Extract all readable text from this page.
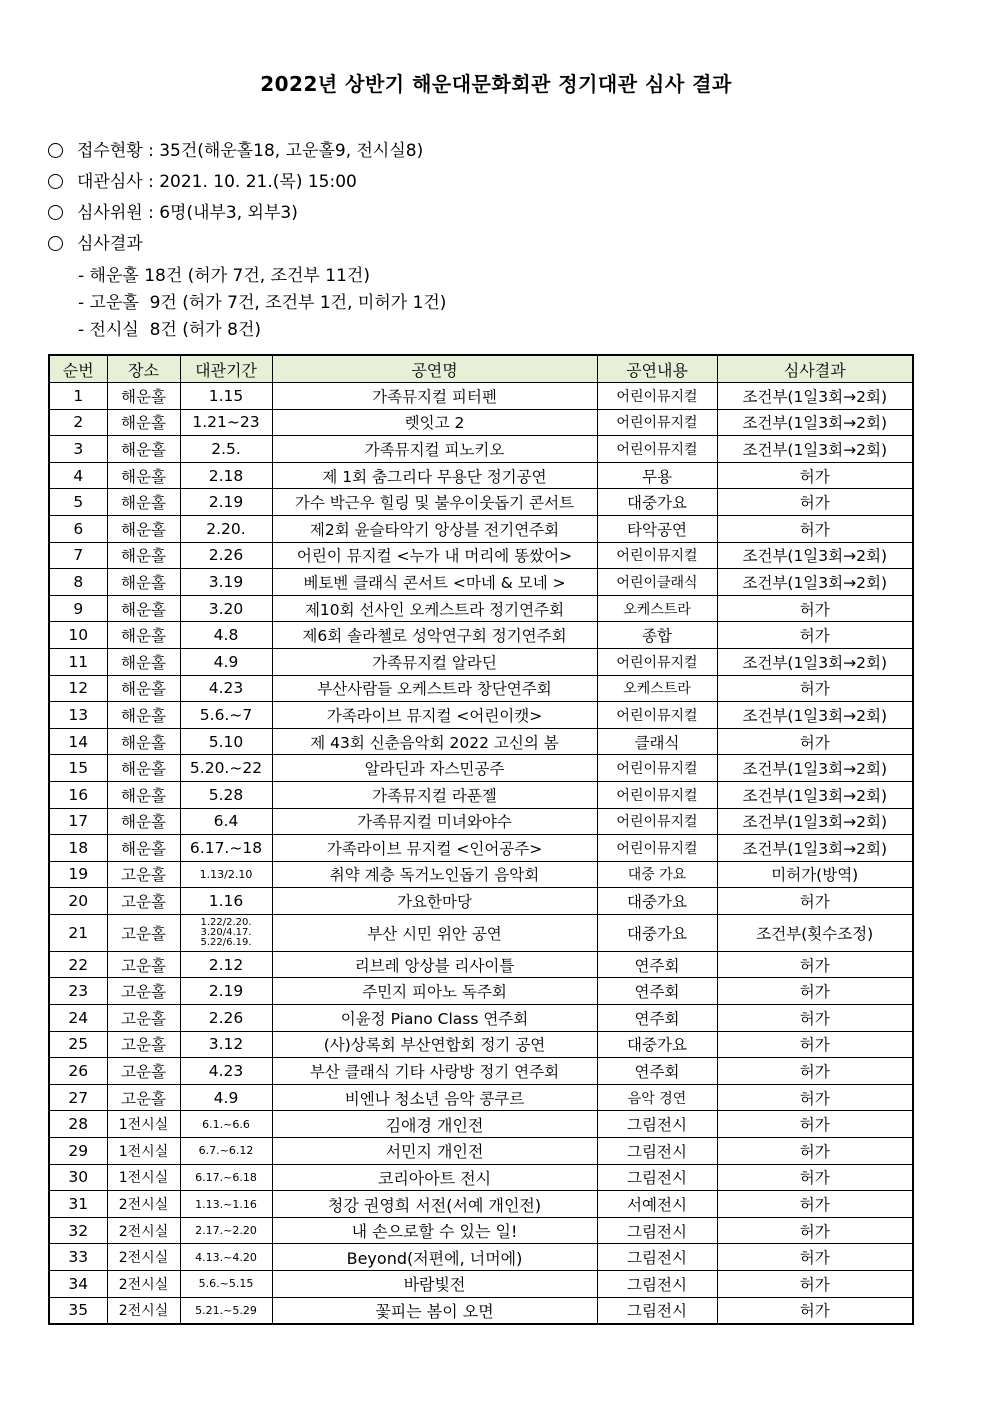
2022년 상반기 해운대문화회관 정기대관 심사 결과
접수현황 : 35건(해운홀18, 고운홀9, 전시실8)
대관심사 : 2021. 10. 21.(목) 15:00
심사위원 : 6명(내부3, 외부3)
심사결과
- 해운홀 18건 (허가 7건, 조건부 11건)
- 고운홀  9건 (허가 7건, 조건부 1건, 미허가 1건)
- 전시실  8건 (허가 8건)
순번	장소	대관기간	공연명	공연내용	심사결과
1	해운홀	1.15	가족뮤지컬 피터펜	어린이뮤지컬	조건부(1일3회→2회)
2	해운홀	1.21~23	렛잇고 2	어린이뮤지컬	조건부(1일3회→2회)
3	해운홀	2.5.	가족뮤지컬 피노키오	어린이뮤지컬	조건부(1일3회→2회)
4	해운홀	2.18	제 1회 춤그리다 무용단 정기공연	무용	허가
5	해운홀	2.19	가수 박근우 힐링 및 불우이웃돕기 콘서트	대중가요	허가
6	해운홀	2.20.	제2회 윤슬타악기 앙상블 전기연주회	타악공연	허가
7	해운홀	2.26	어린이 뮤지컬 <누가 내 머리에 똥쌌어>	어린이뮤지컬	조건부(1일3회→2회)
8	해운홀	3.19	베토벤 클래식 콘서트 <마네 & 모네 >	어린이클래식	조건부(1일3회→2회)
9	해운홀	3.20	제10회 선사인 오케스트라 정기연주회	오케스트라	허가
10	해운홀	4.8	제6회 솔라첼로 성악연구회 정기연주회	종합	허가
11	해운홀	4.9	가족뮤지컬 알라딘	어린이뮤지컬	조건부(1일3회→2회)
12	해운홀	4.23	부산사람들 오케스트라 창단연주회	오케스트라	허가
13	해운홀	5.6.~7	가족라이브 뮤지컬 <어린이캣>	어린이뮤지컬	조건부(1일3회→2회)
14	해운홀	5.10	제 43회 신춘음악회 2022 고신의 봄	클래식	허가
15	해운홀	5.20.~22	알라딘과 자스민공주	어린이뮤지컬	조건부(1일3회→2회)
16	해운홀	5.28	가족뮤지컬 라푼젤	어린이뮤지컬	조건부(1일3회→2회)
17	해운홀	6.4	가족뮤지컬 미녀와야수	어린이뮤지컬	조건부(1일3회→2회)
18	해운홀	6.17.~18	가족라이브 뮤지컬 <인어공주>	어린이뮤지컬	조건부(1일3회→2회)
19	고운홀	1.13/2.10	취약 계층 독거노인돕기 음악회	대중 가요	미허가(방역)
20	고운홀	1.16	가요한마당	대중가요	허가
21	고운홀	1.22/2.20. 3.20/4.17. 5.22/6.19.	부산 시민 위안 공연	대중가요	조건부(횟수조정)
22	고운홀	2.12	리브레 앙상블 리사이틀	연주회	허가
23	고운홀	2.19	주민지 피아노 독주회	연주회	허가
24	고운홀	2.26	이윤정 Piano Class 연주회	연주회	허가
25	고운홀	3.12	(사)상록회 부산연합회 정기 공연	대중가요	허가
26	고운홀	4.23	부산 클래식 기타 사랑방 정기 연주회	연주회	허가
27	고운홀	4.9	비엔나 청소년 음악 콩쿠르	음악 경연	허가
28	1전시실	6.1.~6.6	김애경 개인전	그림전시	허가
29	1전시실	6.7.~6.12	서민지 개인전	그림전시	허가
30	1전시실	6.17.~6.18	코리아아트 전시	그림전시	허가
31	2전시실	1.13.~1.16	청강 권영희 서전(서예 개인전)	서예전시	허가
32	2전시실	2.17.~2.20	내 손으로할 수 있는 일!	그림전시	허가
33	2전시실	4.13.~4.20	Beyond(저편에, 너머에)	그림전시	허가
34	2전시실	5.6.~5.15	바람빛전	그림전시	허가
35	2전시실	5.21.~5.29	꽃피는 봄이 오면	그림전시	허가
